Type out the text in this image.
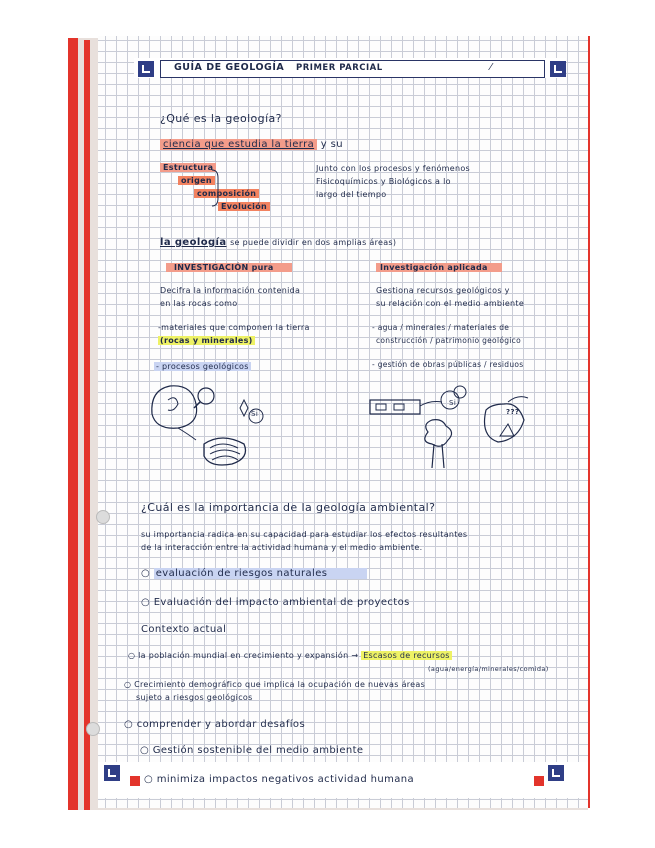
GUÍA DE GEOLOGÍA PRIMER PARCIAL	⁄
¿Qué es la geología?
ciencia que estudia la tierra y su
Estructura
origen
composición
Evolución
Junto con los procesos y fenómenos
Fisicoquímicos y Biológicos a lo
largo del tiempo
la geología se puede dividir en dos amplias áreas)
INVESTIGACIÓN pura
Decifra la información contenida
en las rocas como
-materiales que componen la tierra
(rocas y minerales)
- procesos geológicos
Investigación aplicada
Gestiona recursos geológicos y
su relación con el medio ambiente
- agua / minerales / materiales de
construcción / patrimonio geológico
- gestión de obras públicas / residuos
Si
Si
???
¿Cuál es la importancia de la geología ambiental?
su importancia radica en su capacidad para estudiar los efectos resultantes
de la interacción entre la actividad humana y el medio ambiente.
○ evaluación de riesgos naturales
○ Evaluación del impacto ambiental de proyectos
Contexto actual
○ la población mundial en crecimiento y expansión → Escasos de recursos
(agua/energía/minerales/comida)
○ Crecimiento demográfico que implica la ocupación de nuevas áreas
sujeto a riesgos geológicos
○ comprender y abordar desafíos
○ Gestión sostenible del medio ambiente
○ minimiza impactos negativos actividad humana
